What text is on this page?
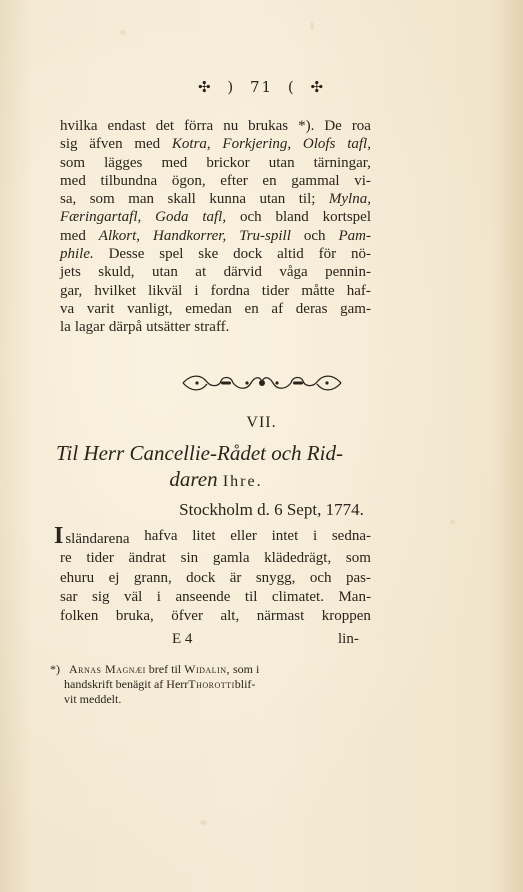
✣ ) 71 ( ✣
hvilka endast det förra nu brukas *). De roa
sig äfven med Kotra, Forkjering, Olofs tafl,
som lägges med brickor utan tärningar,
med tilbundna ögon, efter en gammal vi-
sa, som man skall kunna utan til; Mylna,
Færingartafl, Goda tafl, och bland kortspel
med Alkort, Handkorrer, Tru-spill och Pam-
phile. Desse spel ske dock altid för nö-
jets skuld, utan at därvid våga pennin-
gar, hvilket likväl i fordna tider måtte haf-
va varit vanligt, emedan en af deras gam-
la lagar därpå utsätter straff.
VII.
Til Herr Cancellie-Rådet och Rid-
daren Ihre.
Stockholm d. 6 Sept, 1774.
Isländarena hafva litet eller intet i sedna-
re tider ändrat sin gamla klädedrägt, som
ehuru ej grann, dock är snygg, och pas-
sar sig väl i anseende til climatet. Man-
folken bruka, öfver alt, närmast kroppen
E 4	lin-
*) Arnas Magnæi bref til Widalin, som i
handskrift benägit af Herr Thorotti blif-
vit meddelt.
